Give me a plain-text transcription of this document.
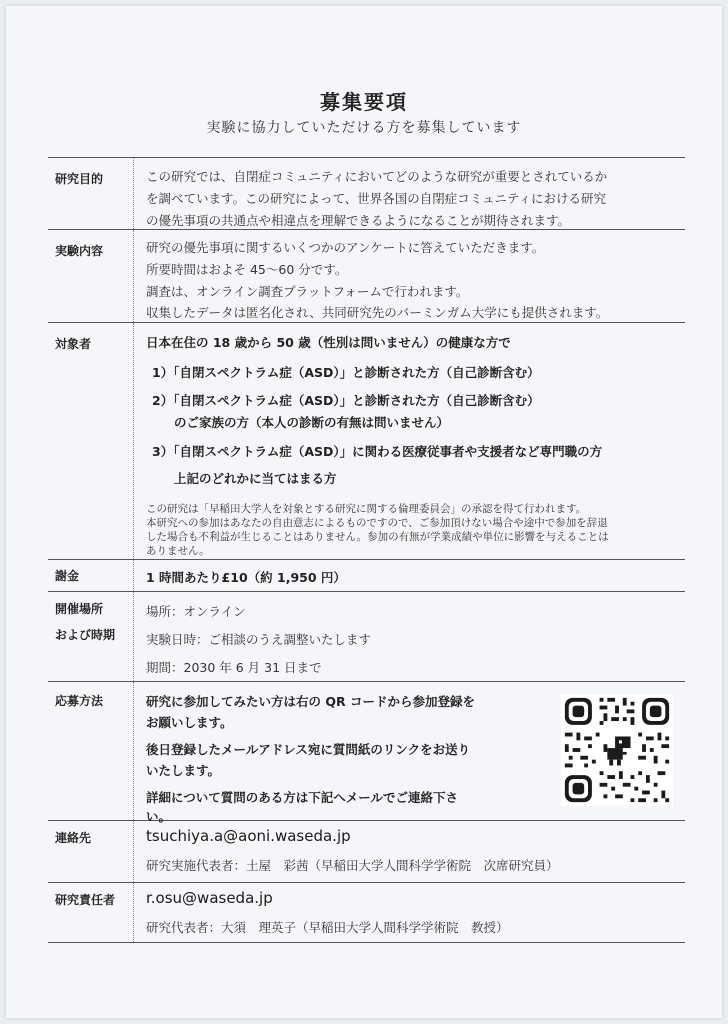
募集要項
実験に協力していただける方を募集しています
研究目的	この研究では、自閉症コミュニティにおいてどのような研究が重要とされているか
を調べています。この研究によって、世界各国の自閉症コミュニティにおける研究
の優先事項の共通点や相違点を理解できるようになることが期待されます。
実験内容	研究の優先事項に関するいくつかのアンケートに答えていただきます。
所要時間はおよそ 45～60 分です。
調査は、オンライン調査プラットフォームで行われます。
収集したデータは匿名化され、共同研究先のバーミンガム大学にも提供されます。
対象者	日本在住の 18 歳から 50 歳（性別は問いません）の健康な方で
1）「自閉スペクトラム症（ASD）」と診断された方（自己診断含む）
2）「自閉スペクトラム症（ASD）」と診断された方（自己診断含む）
のご家族の方（本人の診断の有無は問いません）
3）「自閉スペクトラム症（ASD）」に関わる医療従事者や支援者など専門職の方
上記のどれかに当てはまる方
この研究は「早稲田大学人を対象とする研究に関する倫理委員会」の承認を得て行われます。
本研究への参加はあなたの自由意志によるものですので、ご参加頂けない場合や途中で参加を辞退
した場合も不利益が生じることはありません。参加の有無が学業成績や単位に影響を与えることは
ありません。
謝金	1 時間あたり£10（約 1,950 円）
開催場所
および時期
場所：オンライン
実験日時：ご相談のうえ調整いたします
期間：2030 年 6 月 31 日まで
応募方法	研究に参加してみたい方は右の QR コードから参加登録を
お願いします。
後日登録したメールアドレス宛に質問紙のリンクをお送り
いたします。
詳細について質問のある方は下記へメールでご連絡下さ
い。
連絡先	tsuchiya.a@aoni.waseda.jp
研究実施代表者：土屋　彩茜（早稲田大学人間科学学術院　次席研究員）
研究責任者	r.osu@waseda.jp
研究代表者：大須　理英子（早稲田大学人間科学学術院　教授）
